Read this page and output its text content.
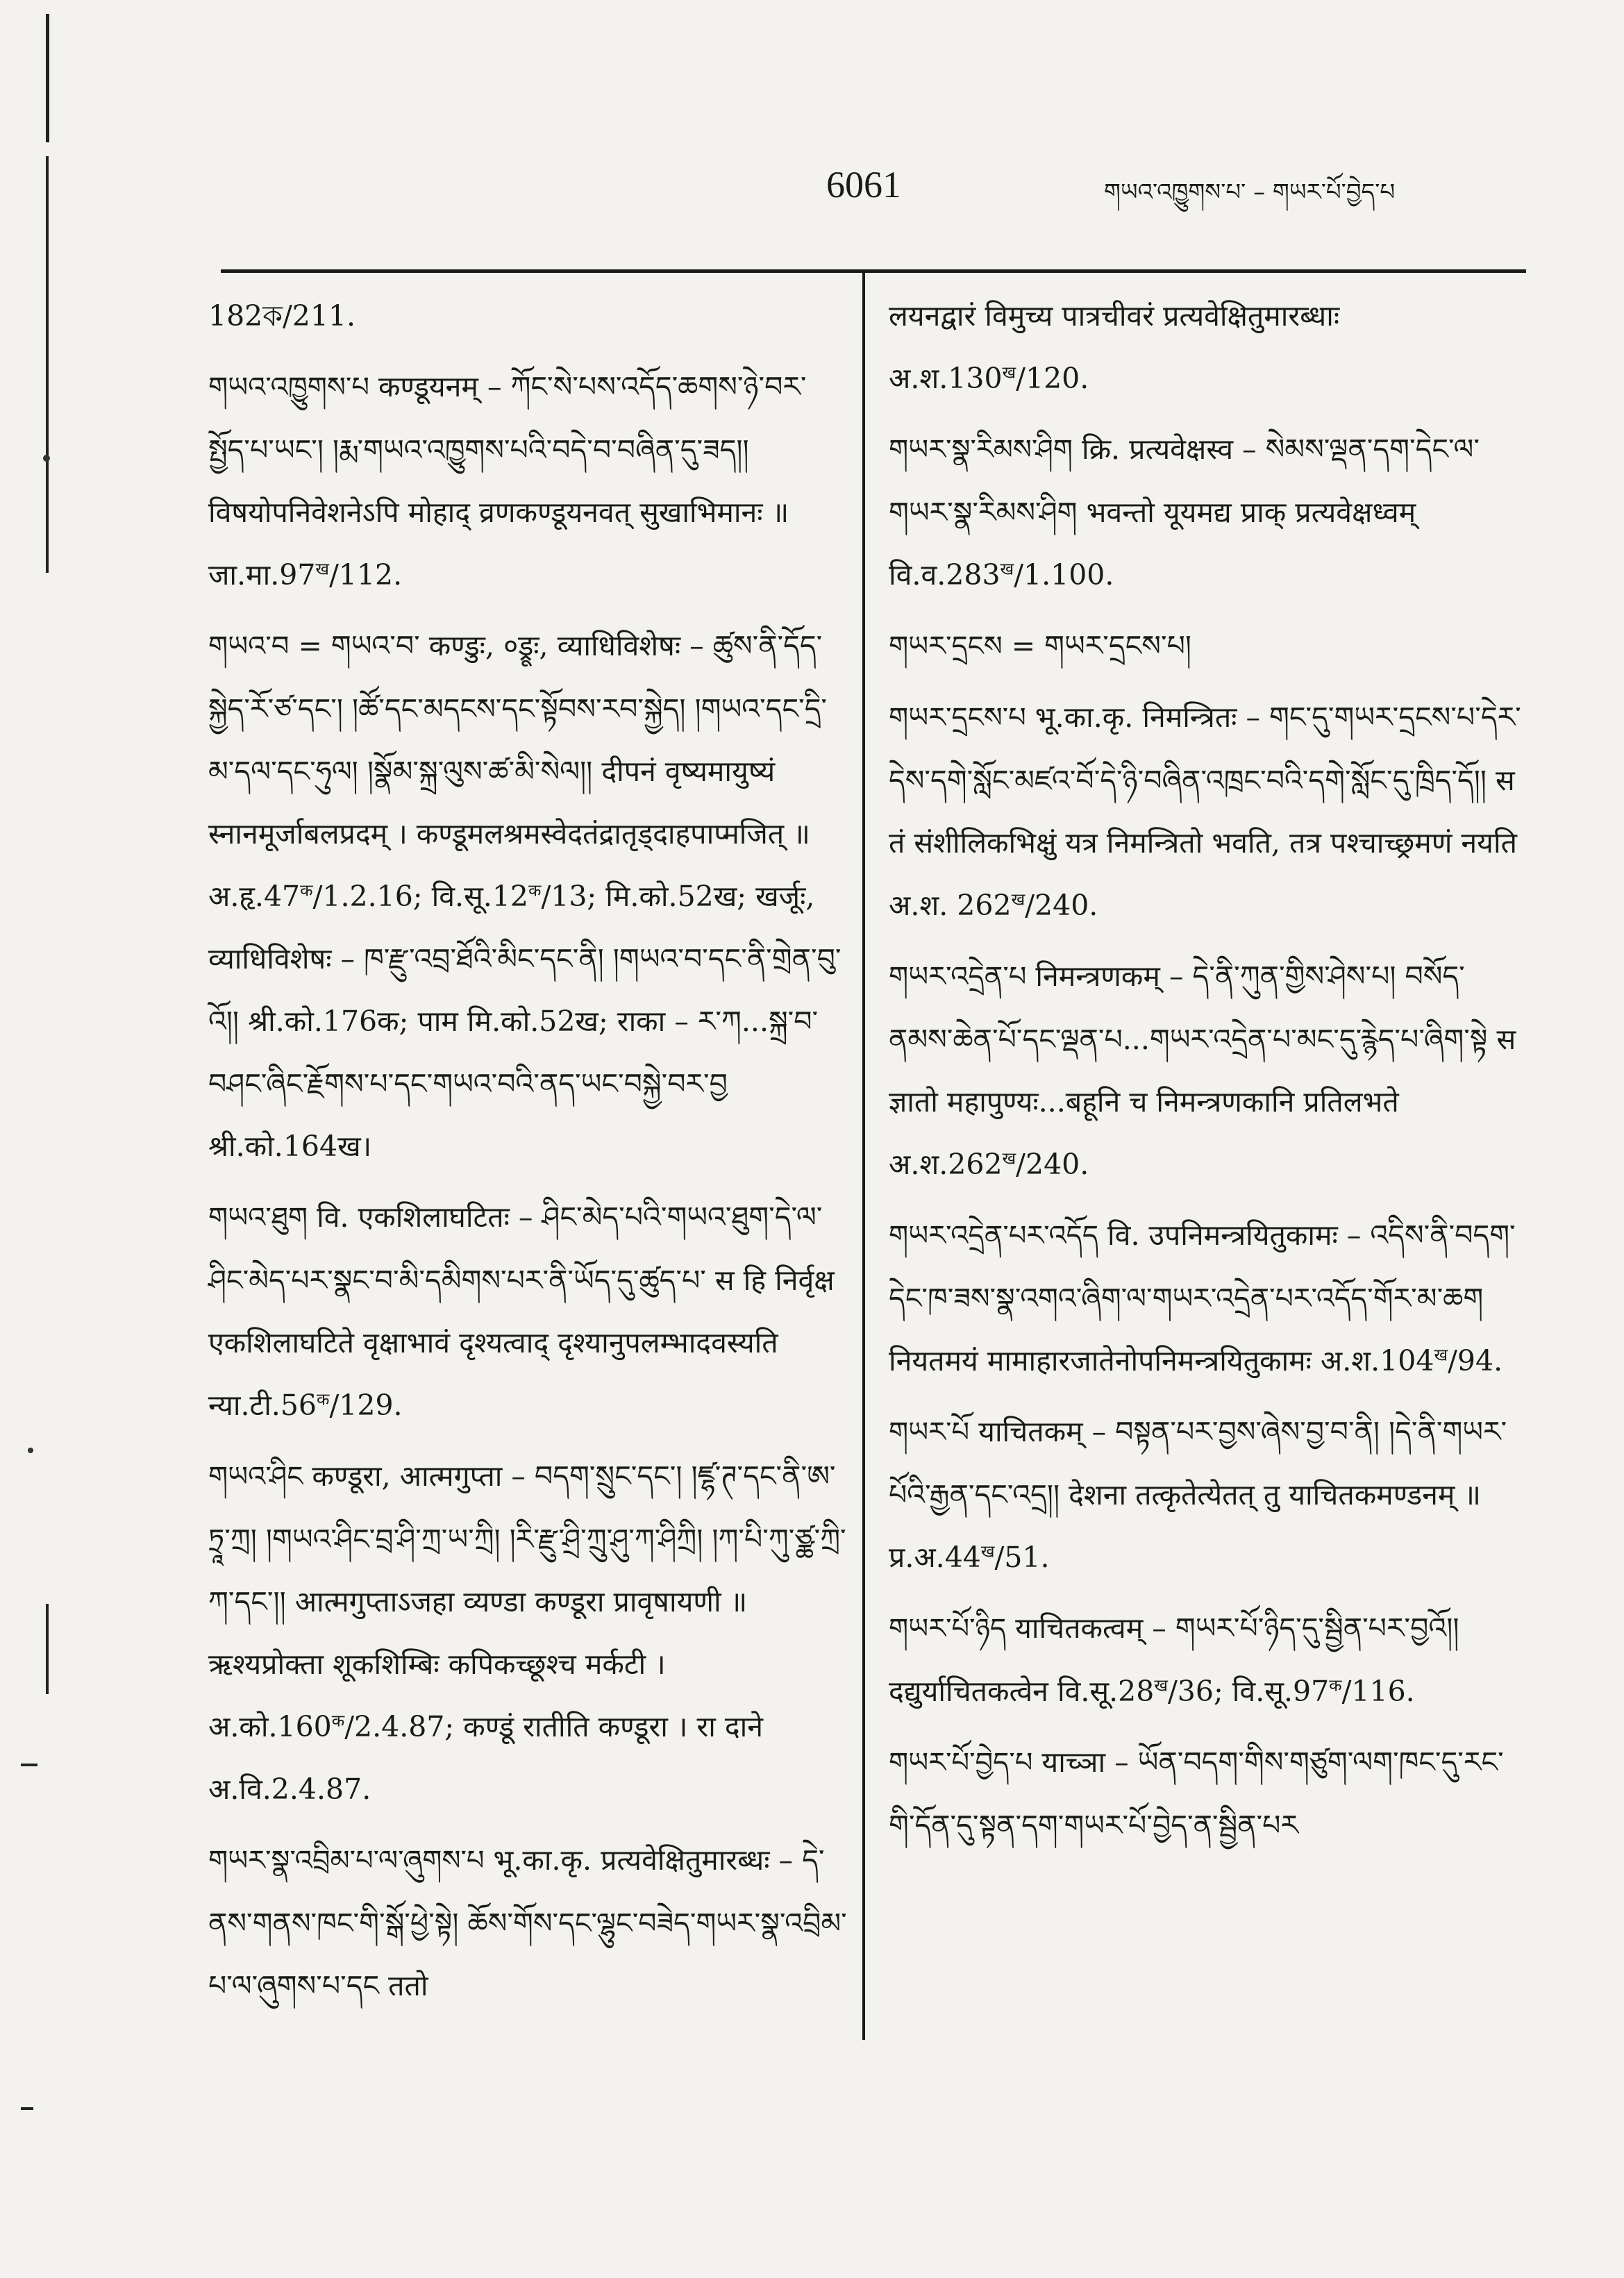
6061	གཡའ་འཁྱུགས་པ་ – གཡར་པོ་བྱེད་པ
182ক/211.
གཡའ་འཁྱུགས་པ कण्डूयनम् – ཀོང་སེ་པས་འདོད་ཆགས་ཉེ་བར་སྤྱོད་པ་ཡང་། །རྨ་གཡའ་འཁྱུགས་པའི་བདེ་བ་བཞིན་དུ་ཟད།། विषयोपनिवेशनेऽपि मोहाद् व्रणकण्डूयनवत् सुखाभिमानः ॥ $जा.मा.97^ख/112$.
གཡའ་བ = གཡའ་བ་ कण्डुः, ०ड्रूः, व्याधिविशेषः – ཚུས་ནི་དོད་སྐྱེད་རོ་ཙ་དང་། །ཚོ་དང་མདངས་དང་སྟོབས་རབ་སྐྱེད། །གཡའ་དང་དྲི་མ་དལ་དང་ཧུལ། །སྣོམ་སྐྲ་ལུས་ཚ་མི་སེལ།། दीपनं वृष्यमायुष्यं स्नानमूर्जाबलप्रदम् । कण्डूमलश्रमस्वेदतंद्रातृड्दाहपाप्मजित् ॥ $अ.हृ.47^क/1.2.16$; $वि.सू.12^क/13$; मि.को.52ख; खर्जूः, व्याधिविशेषः – ཁ་རྫུ་འབྲ་ཐོའི་མིང་དང་ནི། །གཡའ་བ་དང་ནི་གྲེན་བུ་འོ།། श्री.को.176क; पाम मि.को.52ख; राका – ར་ཀ...སྐྲ་བ་བཤང་ཞིང་རྗོགས་པ་དང་གཡའ་བའི་ནད་ཡང་བསྐྱེ་བར་བྱ श्री.को.164ख।
གཡའ་ཐུག वि. एकशिलाघटितः – ཤིང་མེད་པའི་གཡའ་ཐུག་དེ་ལ་ཤིང་མེད་པར་སྣང་བ་མི་དམིགས་པར་ནི་ཡོད་དུ་ཚུད་པ་ स हि निर्वृक्ष एकशिलाघटिते वृक्षाभावं दृश्यत्वाद् दृश्यानुपलम्भादवस्यति $न्या.टी.56^क/129$.
གཡའ་ཤིང कण्डूरा, आत्मगुप्ता – བདག་སྲུང་དང་། །ཛྷ་ཊ་དང་ནི་ཨ་ཏྲཱ་ཀྲ། །གཡའ་ཤིང་བྲ་ཤི་ཀྲ་ཡ་ཀྲི། །རི་རྫུ་ཤྲི་ཀྲུ་ཤུ་ཀ་ཤིཀྲི། །ཀ་པི་ཀུ་ཙྪ་ཀྲི་ཀ་དང་།། आत्मगुप्ताऽजहा व्यण्डा कण्डूरा प्रावृषायणी ॥ ऋश्यप्रोक्ता शूकशिम्बिः कपिकच्छूश्च मर्कटी । $अ.को.160^क/2.4.87$; कण्डूं रातीति कण्डूरा । रा दाने अ.वि.2.4.87.
གཡར་སྣ་འབྲིམ་པ་ལ་ཞུགས་པ भू.का.कृ. प्रत्यवेक्षितुमारब्धः – དེ་ནས་གནས་ཁང་གི་སྒོ་ཕྱེ་སྟེ། ཆོས་གོས་དང་ལྷུང་བཟེད་གཡར་སྣ་འབྲིམ་པ་ལ་ཞུགས་པ་དང ततो
लयनद्वारं विमुच्य पात्रचीवरं प्रत्यवेक्षितुमारब्धाः $अ.श.130^ख/120$.
གཡར་སྣ་རིམས་ཤིག क्रि. प्रत्यवेक्षस्व – སེམས་ལྡན་དག་དེང་ལ་གཡར་སྣ་རིམས་ཤིག भवन्तो यूयमद्य प्राक् प्रत्यवेक्षध्वम् $वि.व.283^ख/1.100$.
གཡར་དྲངས = གཡར་དྲངས་པ།
གཡར་དྲངས་པ भू.का.कृ. निमन्त्रितः – གང་དུ་གཡར་དྲངས་པ་དེར་དེས་དགེ་སློང་མཛའ་བོ་དེ་ཉི་བཞིན་འཁྲང་བའི་དགེ་སློང་དུ་ཁྲིད་དོ།། स तं संशीलिकभिक्षुं यत्र निमन्त्रितो भवति, तत्र पश्चाच्छ्रमणं नयति अ.श. $262^ख/240$.
གཡར་འདྲེན་པ निमन्त्रणकम् – དེ་ནི་ཀུན་གྱིས་ཤེས་པ། བསོད་ནམས་ཆེན་པོ་དང་ལྡན་པ...གཡར་འདྲེན་པ་མང་དུ་རྙེད་པ་ཞིག་སྟེ स ज्ञातो महापुण्यः...बहूनि च निमन्त्रणकानि प्रतिलभते $अ.श.262^ख/240$.
གཡར་འདྲེན་པར་འདོད वि. उपनिमन्त्रयितुकामः – འདིས་ནི་བདག་དེང་ཁ་ཟས་སྣ་འགའ་ཞིག་ལ་གཡར་འདྲེན་པར་འདོད་གོར་མ་ཆག नियतमयं मामाहारजातेनोपनिमन्त्रयितुकामः $अ.श.104^ख/94$.
གཡར་པོ याचितकम् – བསྟན་པར་བྱས་ཞེས་བྱ་བ་ནི། །དེ་ནི་གཡར་པོའི་རྒྱན་དང་འདྲ།། देशना तत्कृतेत्येतत् तु याचितकमण्डनम् ॥ $प्र.अ.44^ख/51$.
གཡར་པོ་ཉིད याचितकत्वम् – གཡར་པོ་ཉིད་དུ་སྦྱིན་པར་བྱའོ།། दद्युर्याचितकत्वेन $वि.सू.28^ख/36$; $वि.सू.97^क/116$.
གཡར་པོ་བྱེད་པ याच्ञा – ཡོན་བདག་གིས་གཙུག་ལག་ཁང་དུ་རང་གི་དོན་དུ་སྟན་དག་གཡར་པོ་བྱེད་ན་སྦྱིན་པར
